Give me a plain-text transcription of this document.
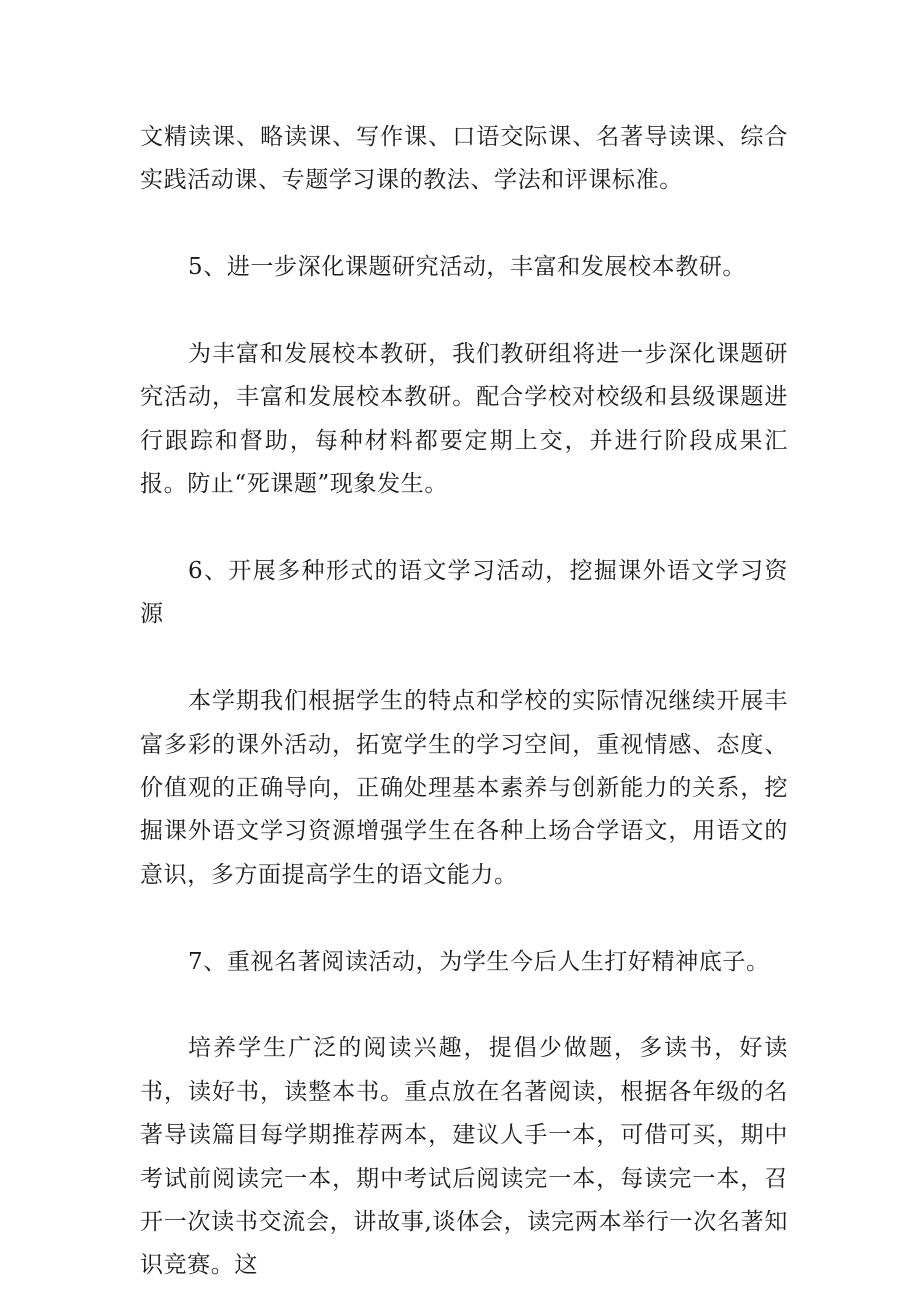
文精读课、略读课、写作课、口语交际课、名著导读课、综合实践活动课、专题学习课的教法、学法和评课标准。

5、进一步深化课题研究活动，丰富和发展校本教研。

为丰富和发展校本教研，我们教研组将进一步深化课题研究活动，丰富和发展校本教研。配合学校对校级和县级课题进行跟踪和督助，每种材料都要定期上交，并进行阶段成果汇报。防止“死课题”现象发生。

6、开展多种形式的语文学习活动，挖掘课外语文学习资源

本学期我们根据学生的特点和学校的实际情况继续开展丰富多彩的课外活动，拓宽学生的学习空间，重视情感、态度、价值观的正确导向，正确处理基本素养与创新能力的关系，挖掘课外语文学习资源增强学生在各种上场合学语文，用语文的意识，多方面提高学生的语文能力。

7、重视名著阅读活动，为学生今后人生打好精神底子。

培养学生广泛的阅读兴趣，提倡少做题，多读书，好读书，读好书，读整本书。重点放在名著阅读，根据各年级的名著导读篇目每学期推荐两本，建议人手一本，可借可买，期中考试前阅读完一本，期中考试后阅读完一本，每读完一本，召开一次读书交流会，讲故事,谈体会，读完两本举行一次名著知识竞赛。这
